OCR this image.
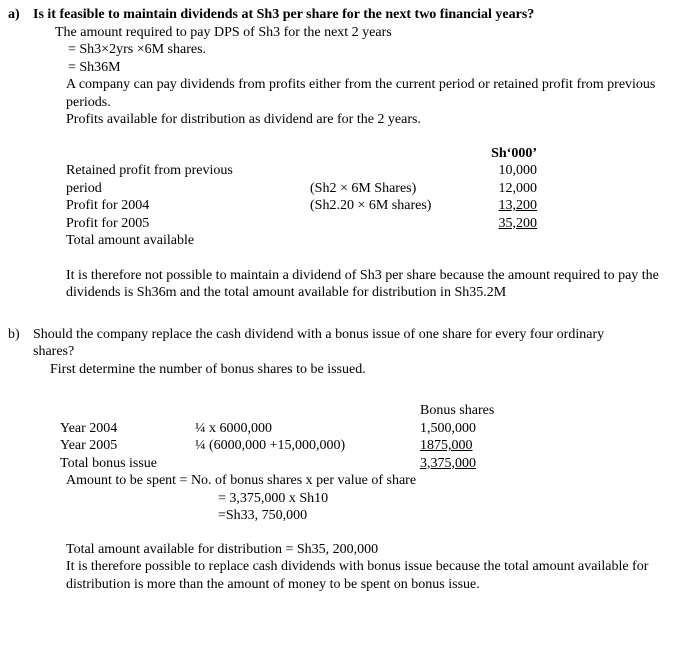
a) Is it feasible to maintain dividends at Sh3 per share for the next two financial years?
The amount required to pay DPS of Sh3 for the next 2 years
= Sh3×2yrs ×6M shares.
= Sh36M
A company can pay dividends from profits either from the current period or retained profit from previous periods.
Profits available for distribution as dividend are for the 2 years.
Sh‘000’
Retained profit from previous	10,000
period	(Sh2 × 6M Shares)	12,000
Profit for 2004	(Sh2.20 × 6M shares)	13,200
Profit for 2005	35,200
Total amount available
It is therefore not possible to maintain a dividend of Sh3 per share because the amount required to pay the dividends is Sh36m and the total amount available for distribution in Sh35.2M
b) Should the company replace the cash dividend with a bonus issue of one share for every four ordinary shares?
First determine the number of bonus shares to be issued.
Bonus shares
Year 2004	¼ x 6000,000	1,500,000
Year 2005	¼ (6000,000 +15,000,000)	1875,000
Total bonus issue	3,375,000
Amount to be spent = No. of bonus shares x per value of share
= 3,375,000 x Sh10
=Sh33, 750,000
Total amount available for distribution = Sh35, 200,000
It is therefore possible to replace cash dividends with bonus issue because the total amount available for distribution is more than the amount of money to be spent on bonus issue.
